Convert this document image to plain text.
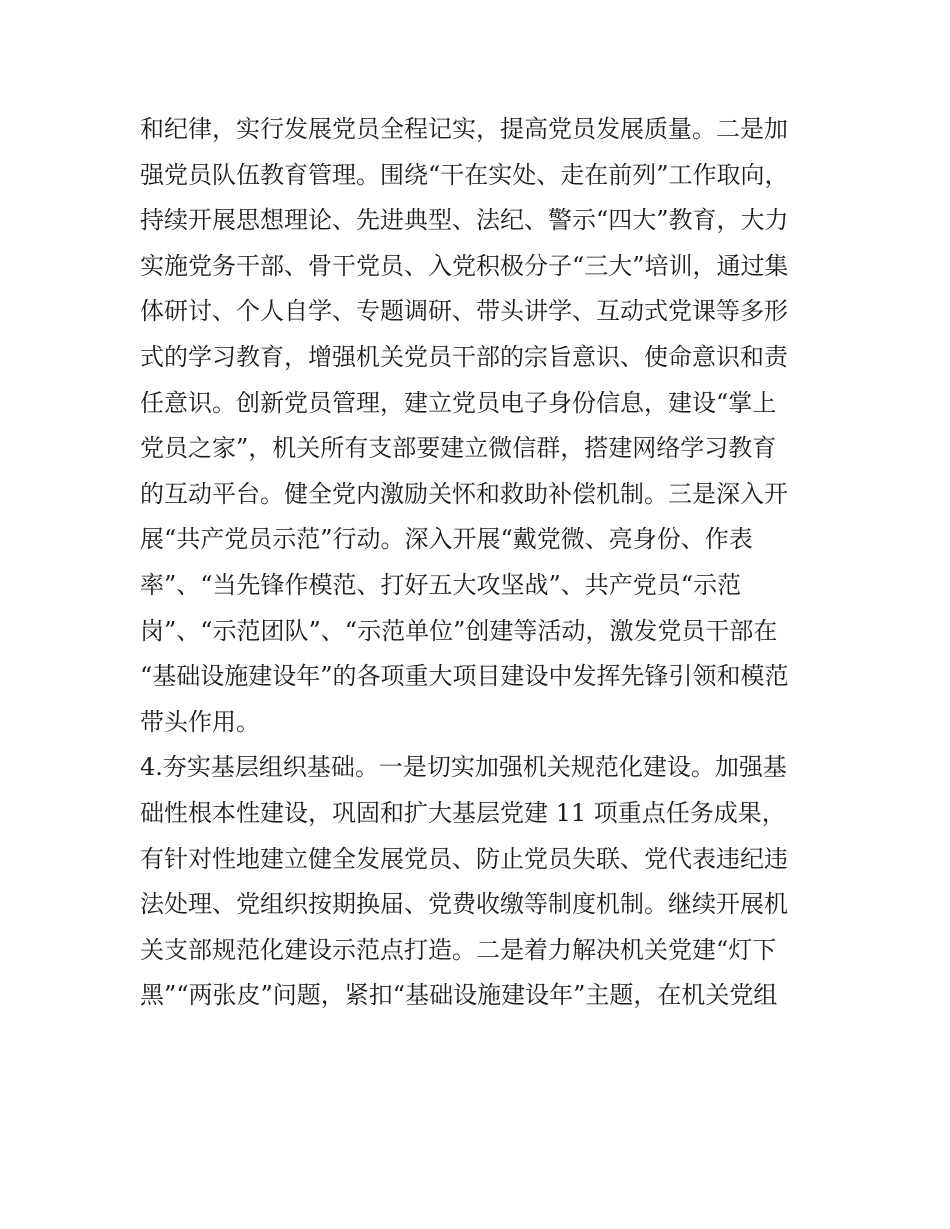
和纪律，实行发展党员全程记实，提高党员发展质量。二是加
强党员队伍教育管理。围绕“干在实处、走在前列”工作取向，
持续开展思想理论、先进典型、法纪、警示“四大”教育，大力
实施党务干部、骨干党员、入党积极分子“三大”培训，通过集
体研讨、个人自学、专题调研、带头讲学、互动式党课等多形
式的学习教育，增强机关党员干部的宗旨意识、使命意识和责
任意识。创新党员管理，建立党员电子身份信息，建设“掌上
党员之家”，机关所有支部要建立微信群，搭建网络学习教育
的互动平台。健全党内激励关怀和救助补偿机制。三是深入开
展“共产党员示范”行动。深入开展“戴党微、亮身份、作表
率”、“当先锋作模范、打好五大攻坚战”、共产党员“示范
岗”、“示范团队”、“示范单位”创建等活动，激发党员干部在
“基础设施建设年”的各项重大项目建设中发挥先锋引领和模范
带头作用。
4.夯实基层组织基础。一是切实加强机关规范化建设。加强基
础性根本性建设，巩固和扩大基层党建 11 项重点任务成果，
有针对性地建立健全发展党员、防止党员失联、党代表违纪违
法处理、党组织按期换届、党费收缴等制度机制。继续开展机
关支部规范化建设示范点打造。二是着力解决机关党建“灯下
黑”“两张皮”问题，紧扣“基础设施建设年”主题，在机关党组
